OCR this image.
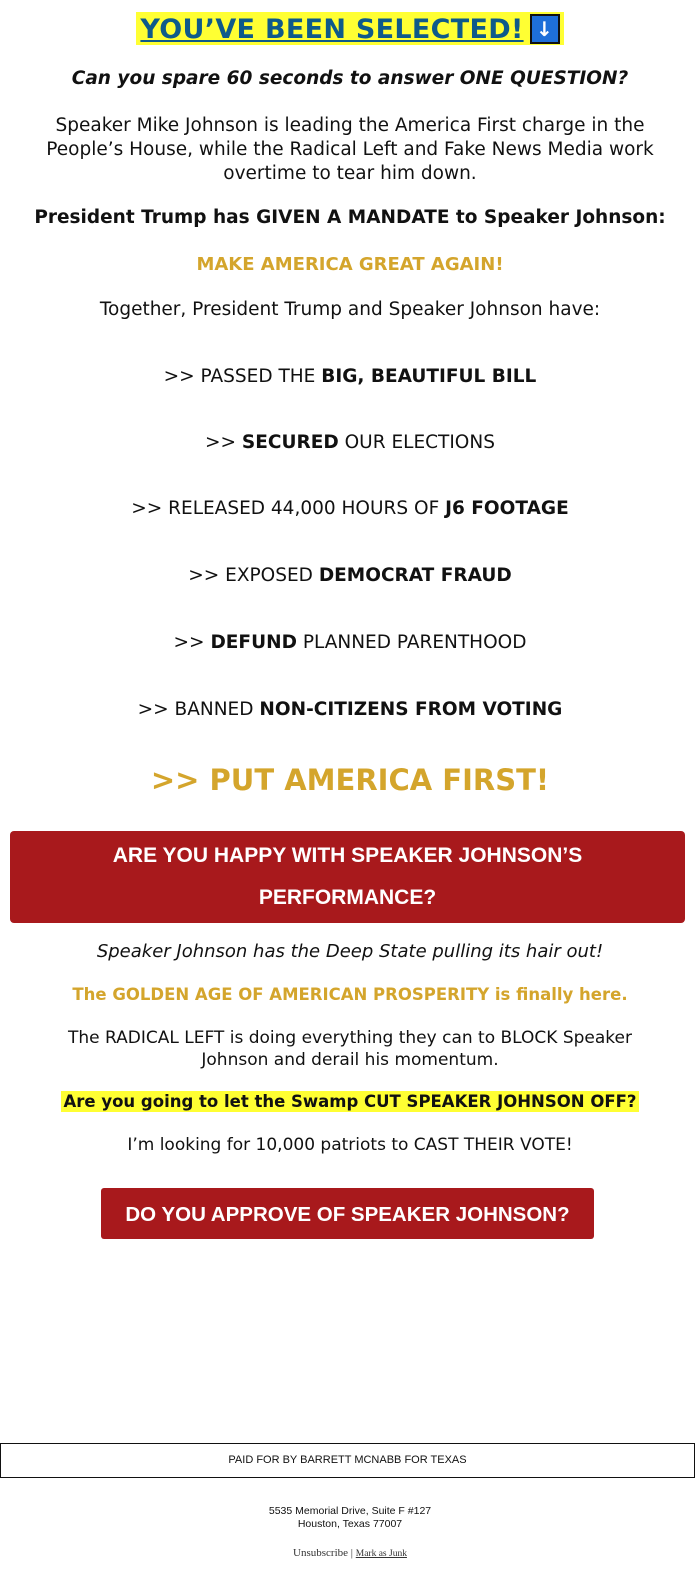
YOU’VE BEEN SELECTED! ↓
Can you spare 60 seconds to answer ONE QUESTION?
Speaker Mike Johnson is leading the America First charge in the People’s House, while the Radical Left and Fake News Media work overtime to tear him down.
President Trump has GIVEN A MANDATE to Speaker Johnson:
MAKE AMERICA GREAT AGAIN!
Together, President Trump and Speaker Johnson have:
>> PASSED THE BIG, BEAUTIFUL BILL
>> SECURED OUR ELECTIONS
>> RELEASED 44,000 HOURS OF J6 FOOTAGE
>> EXPOSED DEMOCRAT FRAUD
>> DEFUND PLANNED PARENTHOOD
>> BANNED NON-CITIZENS FROM VOTING
>> PUT AMERICA FIRST!
ARE YOU HAPPY WITH SPEAKER JOHNSON’S
PERFORMANCE?
Speaker Johnson has the Deep State pulling its hair out!
The GOLDEN AGE OF AMERICAN PROSPERITY is finally here.
The RADICAL LEFT is doing everything they can to BLOCK Speaker Johnson and derail his momentum.
Are you going to let the Swamp CUT SPEAKER JOHNSON OFF?
I’m looking for 10,000 patriots to CAST THEIR VOTE!
DO YOU APPROVE OF SPEAKER JOHNSON?
PAID FOR BY BARRETT MCNABB FOR TEXAS
5535 Memorial Drive, Suite F #127
Houston, Texas 77007
Unsubscribe | Mark as Junk
